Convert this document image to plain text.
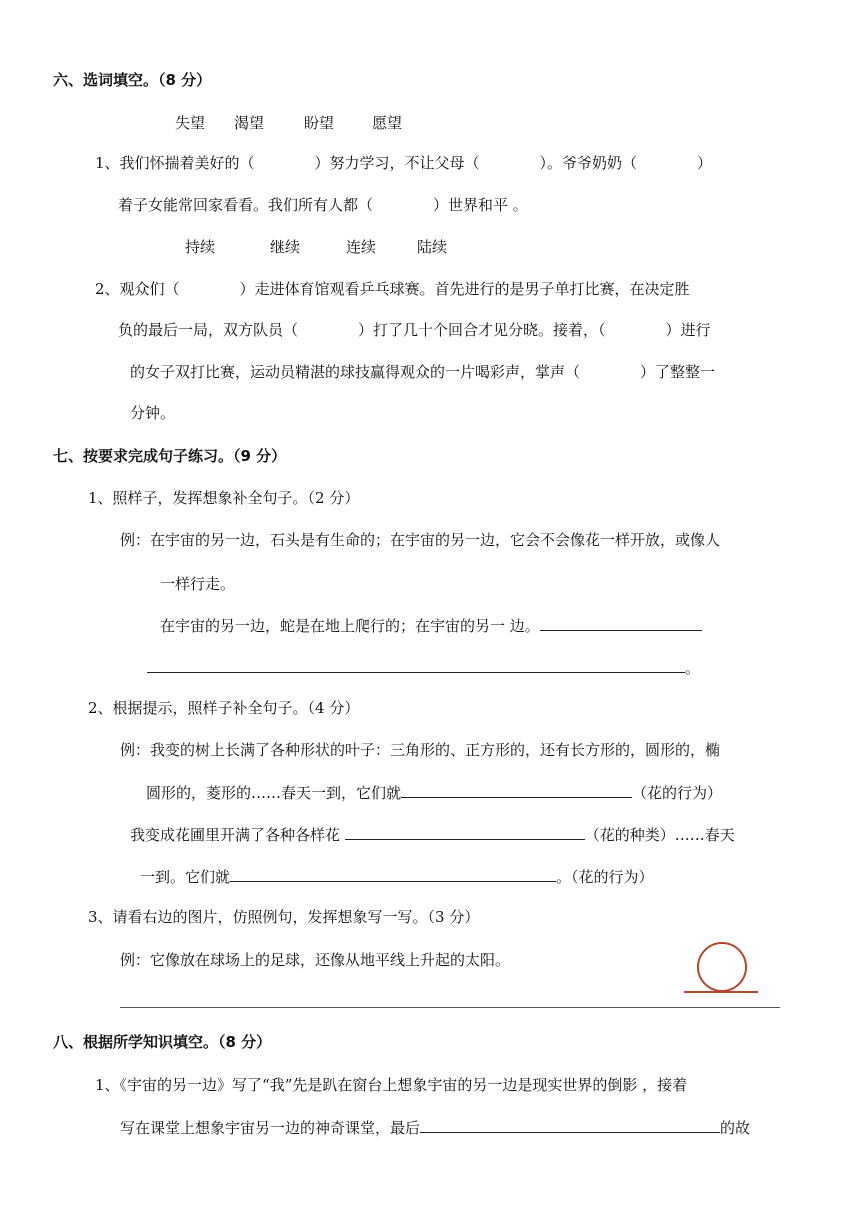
六、选词填空。（8 分）
失望 渴望	盼望	愿望
1、我们怀揣着美好的（　　　　）努力学习，不让父母（　　　　）。爷爷奶奶（　　　　）
着子女能常回家看看。我们所有人都（　　　　）世界和平 。
持续	继续	连续	陆续
2、观众们（　　　　）走进体育馆观看乒乓球赛。首先进行的是男子单打比赛，在决定胜
负的最后一局，双方队员（　　　　）打了几十个回合才见分晓。接着，（　　　　）进行
的女子双打比赛，运动员精湛的球技赢得观众的一片喝彩声，掌声（　　　　）了整整一
分钟。
七、按要求完成句子练习。（9 分）
1、照样子，发挥想象补全句子。（2 分）
例：在宇宙的另一边，石头是有生命的；在宇宙的另一边，它会不会像花一样开放，或像人
一样行走。
在宇宙的另一边，蛇是在地上爬行的；在宇宙的另一 边。
。
2、根据提示，照样子补全句子。（4 分）
例：我变的树上长满了各种形状的叶子：三角形的、正方形的，还有长方形的，圆形的，椭
圆形的，菱形的……春天一到，它们就	（花的行为）
我变成花圃里开满了各种各样花	（花的种类）……春天
一到。它们就	。（花的行为）
3、请看右边的图片，仿照例句，发挥想象写一写。（3 分）
例：它像放在球场上的足球，还像从地平线上升起的太阳。
八、根据所学知识填空。（8 分）
1、《宇宙的另一边》写了“我”先是趴在窗台上想象宇宙的另一边是现实世界的倒影 ，接着
写在课堂上想象宇宙另一边的神奇课堂，最后	的故
